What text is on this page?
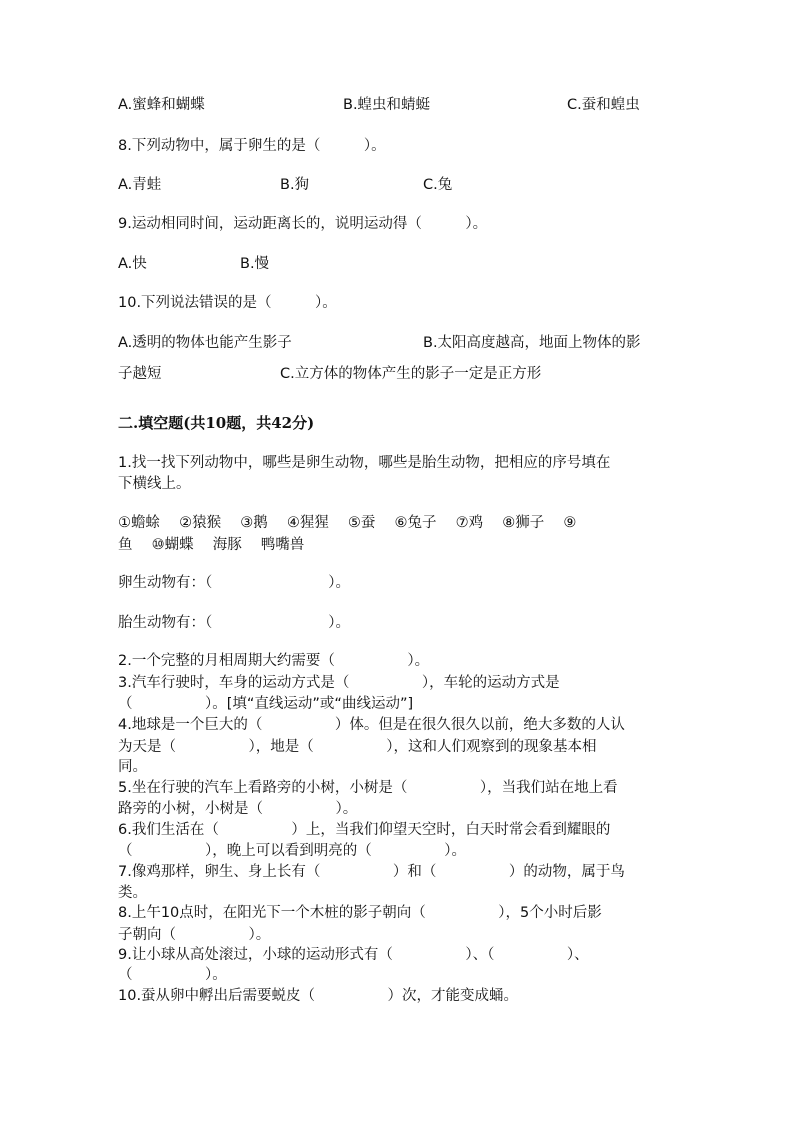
A.蜜蜂和蝴蝶	B.蝗虫和蜻蜓	C.蚕和蝗虫
8.下列动物中，属于卵生的是（　　　）。
A.青蛙	B.狗	C.兔
9.运动相同时间，运动距离长的，说明运动得（　　　）。
A.快	B.慢
10.下列说法错误的是（　　　）。
A.透明的物体也能产生影子	B.太阳高度越高，地面上物体的影
子越短	C.立方体的物体产生的影子一定是正方形
二.填空题(共10题，共42分)
1.找一找下列动物中，哪些是卵生动物，哪些是胎生动物，把相应的序号填在
下横线上。
①蟾蜍　 ②猿猴　 ③鹅　 ④猩猩　 ⑤蚕　 ⑥兔子　 ⑦鸡　 ⑧狮子　 ⑨
鱼　 ⑩蝴蝶　 海豚　 鸭嘴兽
卵生动物有：（　　　　　　　　）。
胎生动物有：（　　　　　　　　）。
2.一个完整的月相周期大约需要（　　　　　）。
3.汽车行驶时，车身的运动方式是（　　　　　），车轮的运动方式是
（　　　　　）。[填“直线运动”或“曲线运动”]
4.地球是一个巨大的（　　　　　）体。但是在很久很久以前，绝大多数的人认
为天是（　　　　　），地是（　　　　　），这和人们观察到的现象基本相
同。
5.坐在行驶的汽车上看路旁的小树，小树是（　　　　　），当我们站在地上看
路旁的小树，小树是（　　　　　）。
6.我们生活在（　　　　　）上，当我们仰望天空时，白天时常会看到耀眼的
（　　　　　），晚上可以看到明亮的（　　　　　）。
7.像鸡那样，卵生、身上长有（　　　　　）和（　　　　　）的动物，属于鸟
类。
8.上午10点时，在阳光下一个木桩的影子朝向（　　　　　），5个小时后影
子朝向（　　　　　）。
9.让小球从高处滚过，小球的运动形式有（　　　　　）、（　　　　　）、
（　　　　　）。
10.蚕从卵中孵出后需要蜕皮（　　　　　）次，才能变成蛹。
